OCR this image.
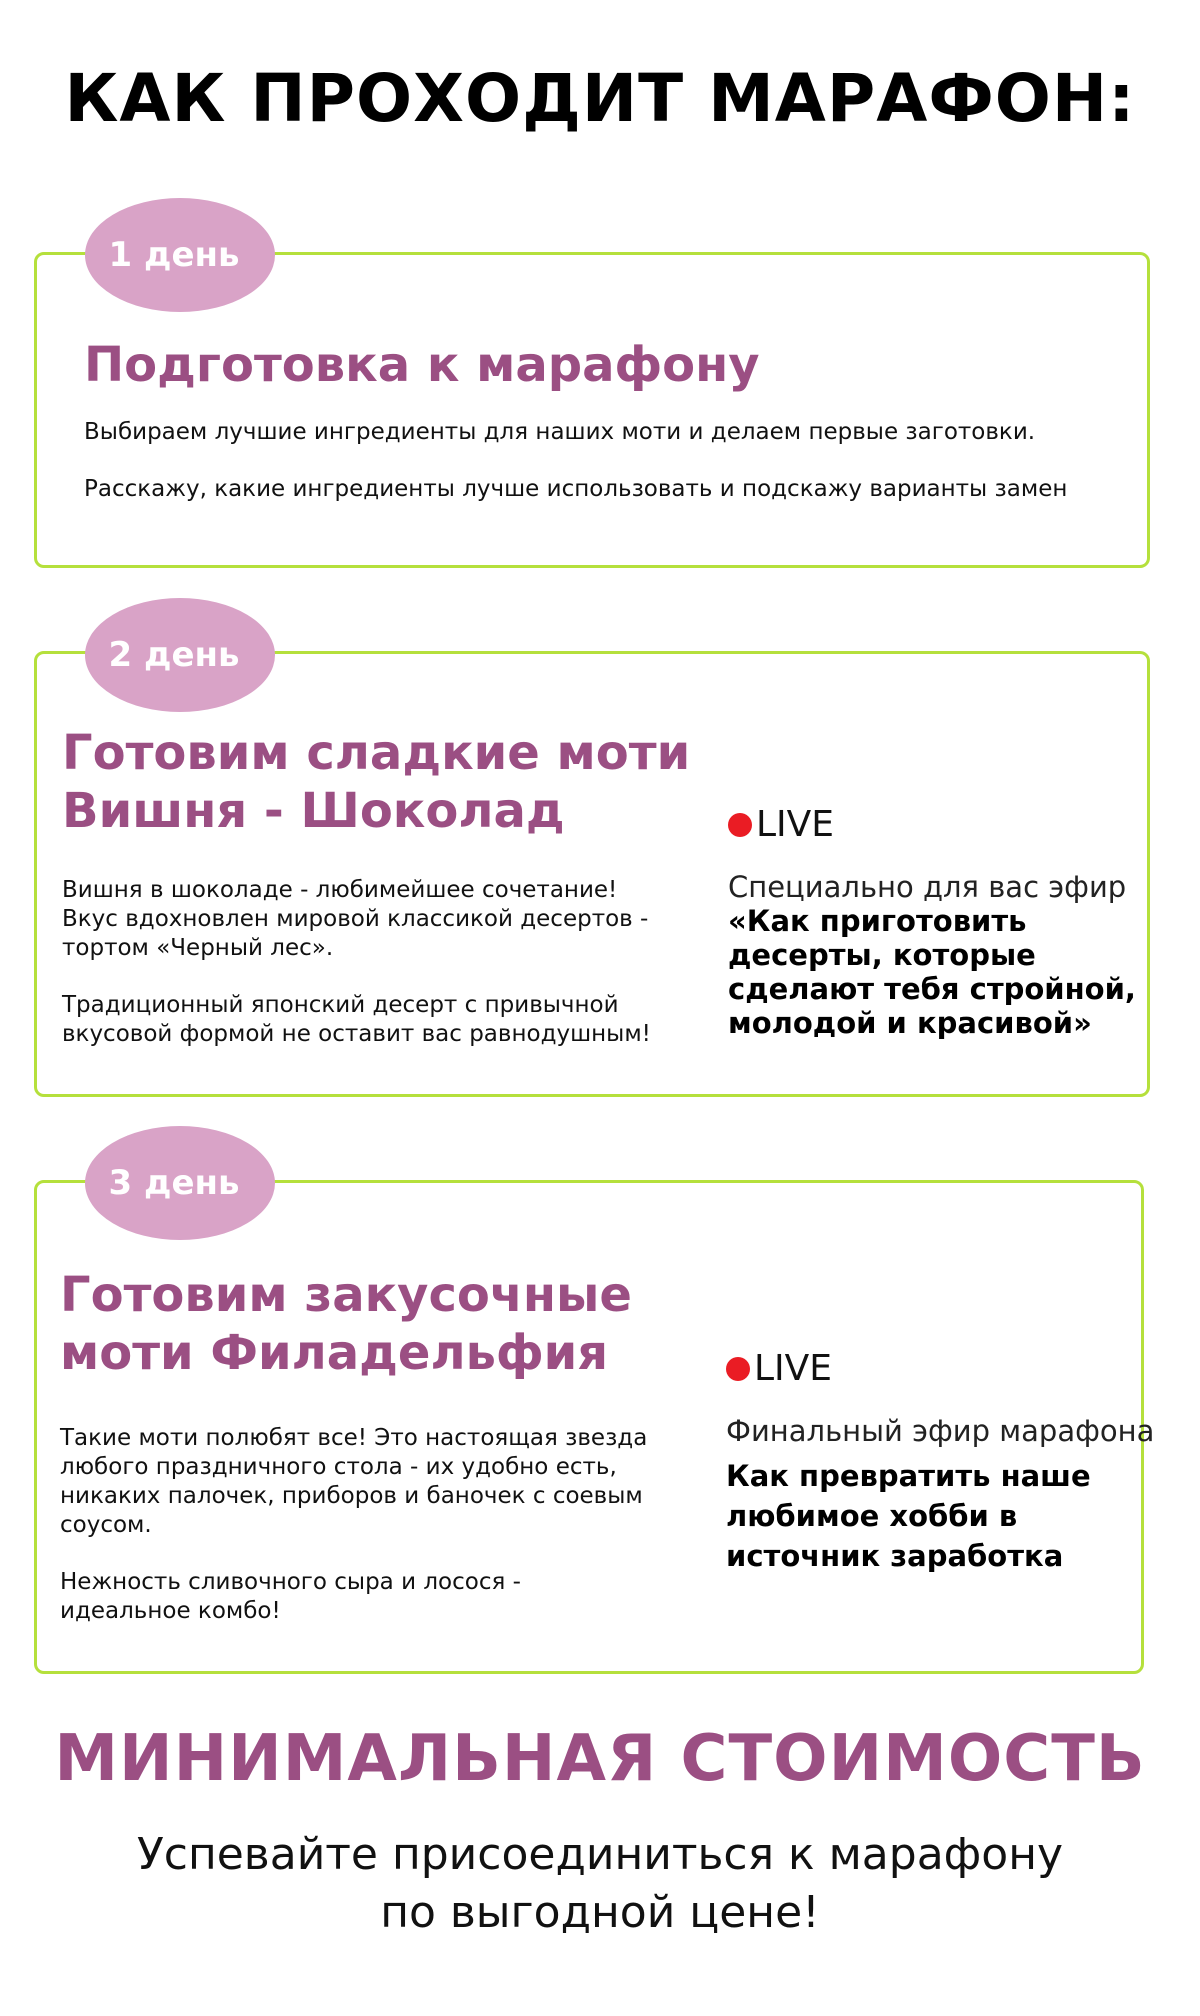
КАК ПРОХОДИТ МАРАФОН:
1 день
Подготовка к марафону

Выбираем лучшие ингредиенты для наших моти и делаем первые заготовки.

Расскажу, какие ингредиенты лучше использовать и подскажу варианты замен

2 день
Готовим сладкие моти
Вишня - Шоколад

Вишня в шоколаде - любимейшее сочетание! Вкус вдохновлен мировой классикой десертов - тортом «Черный лес».

Традиционный японский десерт с привычной вкусовой формой не оставит вас равнодушным!

LIVE

Специально для вас эфир

«Как приготовить
десерты, которые
сделают тебя стройной,
молодой и красивой»

3 день
Готовим закусочные
моти Филадельфия

Такие моти полюбят все! Это настоящая звезда любого праздничного стола - их удобно есть, никаких палочек, приборов и баночек с соевым соусом.

Нежность сливочного сыра и лосося - идеальное комбо!

LIVE

Финальный эфир марафона

Как превратить наше
любимое хобби в
источник заработка

МИНИМАЛЬНАЯ СТОИМОСТЬ
Успевайте присоединиться к марафону
по выгодной цене!
